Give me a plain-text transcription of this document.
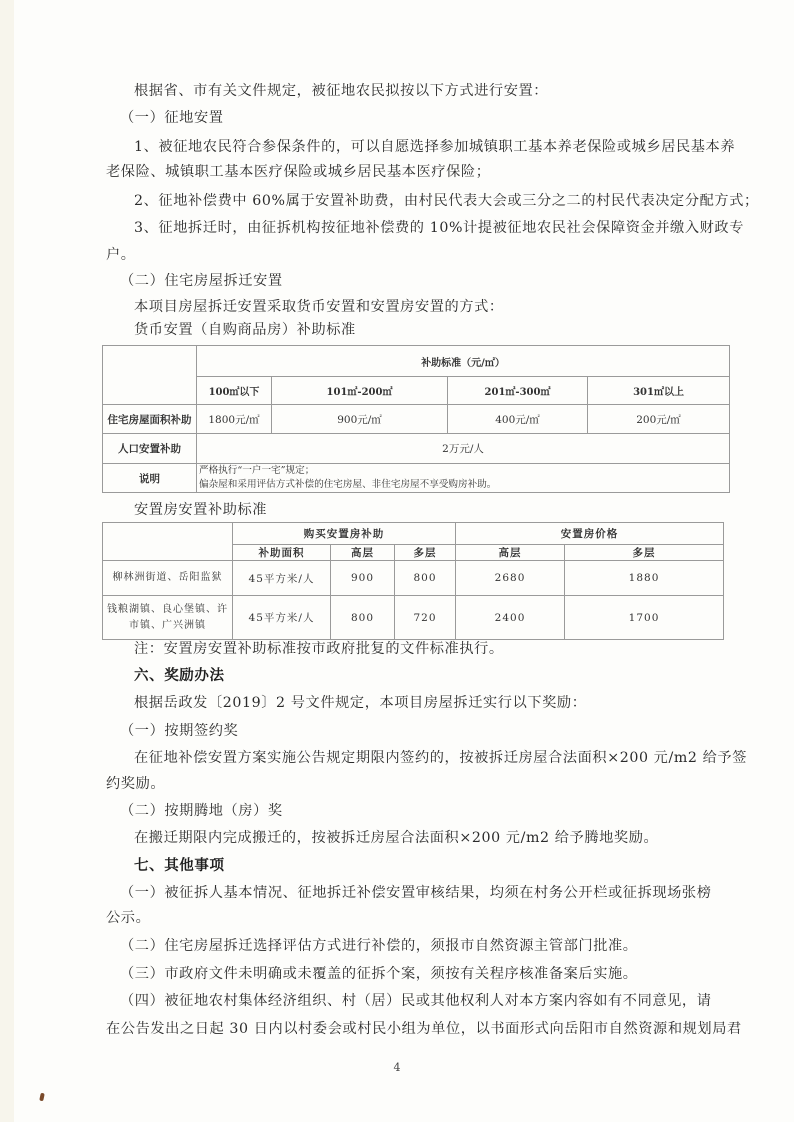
根据省、市有关文件规定，被征地农民拟按以下方式进行安置：
（一）征地安置
1、被征地农民符合参保条件的，可以自愿选择参加城镇职工基本养老保险或城乡居民基本养
老保险、城镇职工基本医疗保险或城乡居民基本医疗保险；
2、征地补偿费中 60%属于安置补助费，由村民代表大会或三分之二的村民代表决定分配方式；
3、征地拆迁时，由征拆机构按征地补偿费的 10%计提被征地农民社会保障资金并缴入财政专
户。
（二）住宅房屋拆迁安置
本项目房屋拆迁安置采取货币安置和安置房安置的方式：
货币安置（自购商品房）补助标准
	补助标准（元/㎡）			
	100㎡以下	101㎡-200㎡	201㎡-300㎡	301㎡以上
住宅房屋面积补助	1800元/㎡	900元/㎡	400元/㎡	200元/㎡
人口安置补助	2万元/人			
说明	严格执行“一户一宅”规定；
偏杂屋和采用评估方式补偿的住宅房屋、非住宅房屋不享受购房补助。			
安置房安置补助标准
	购买安置房补助			安置房价格	
	补助面积	高层	多层	高层	多层
柳林洲街道、岳阳监狱	45平方米/人	900	800	2680	1880
钱粮湖镇、良心堡镇、许市镇、广兴洲镇	45平方米/人	800	720	2400	1700
注：安置房安置补助标准按市政府批复的文件标准执行。
六、奖励办法
根据岳政发〔2019〕2 号文件规定，本项目房屋拆迁实行以下奖励：
（一）按期签约奖
在征地补偿安置方案实施公告规定期限内签约的，按被拆迁房屋合法面积×200 元/m2 给予签
约奖励。
（二）按期腾地（房）奖
在搬迁期限内完成搬迁的，按被拆迁房屋合法面积×200 元/m2 给予腾地奖励。
七、其他事项
（一）被征拆人基本情况、征地拆迁补偿安置审核结果，均须在村务公开栏或征拆现场张榜
公示。
（二）住宅房屋拆迁选择评估方式进行补偿的，须报市自然资源主管部门批准。
（三）市政府文件未明确或未覆盖的征拆个案，须按有关程序核准备案后实施。
（四）被征地农村集体经济组织、村（居）民或其他权利人对本方案内容如有不同意见，请
在公告发出之日起 30 日内以村委会或村民小组为单位，以书面形式向岳阳市自然资源和规划局君
4
